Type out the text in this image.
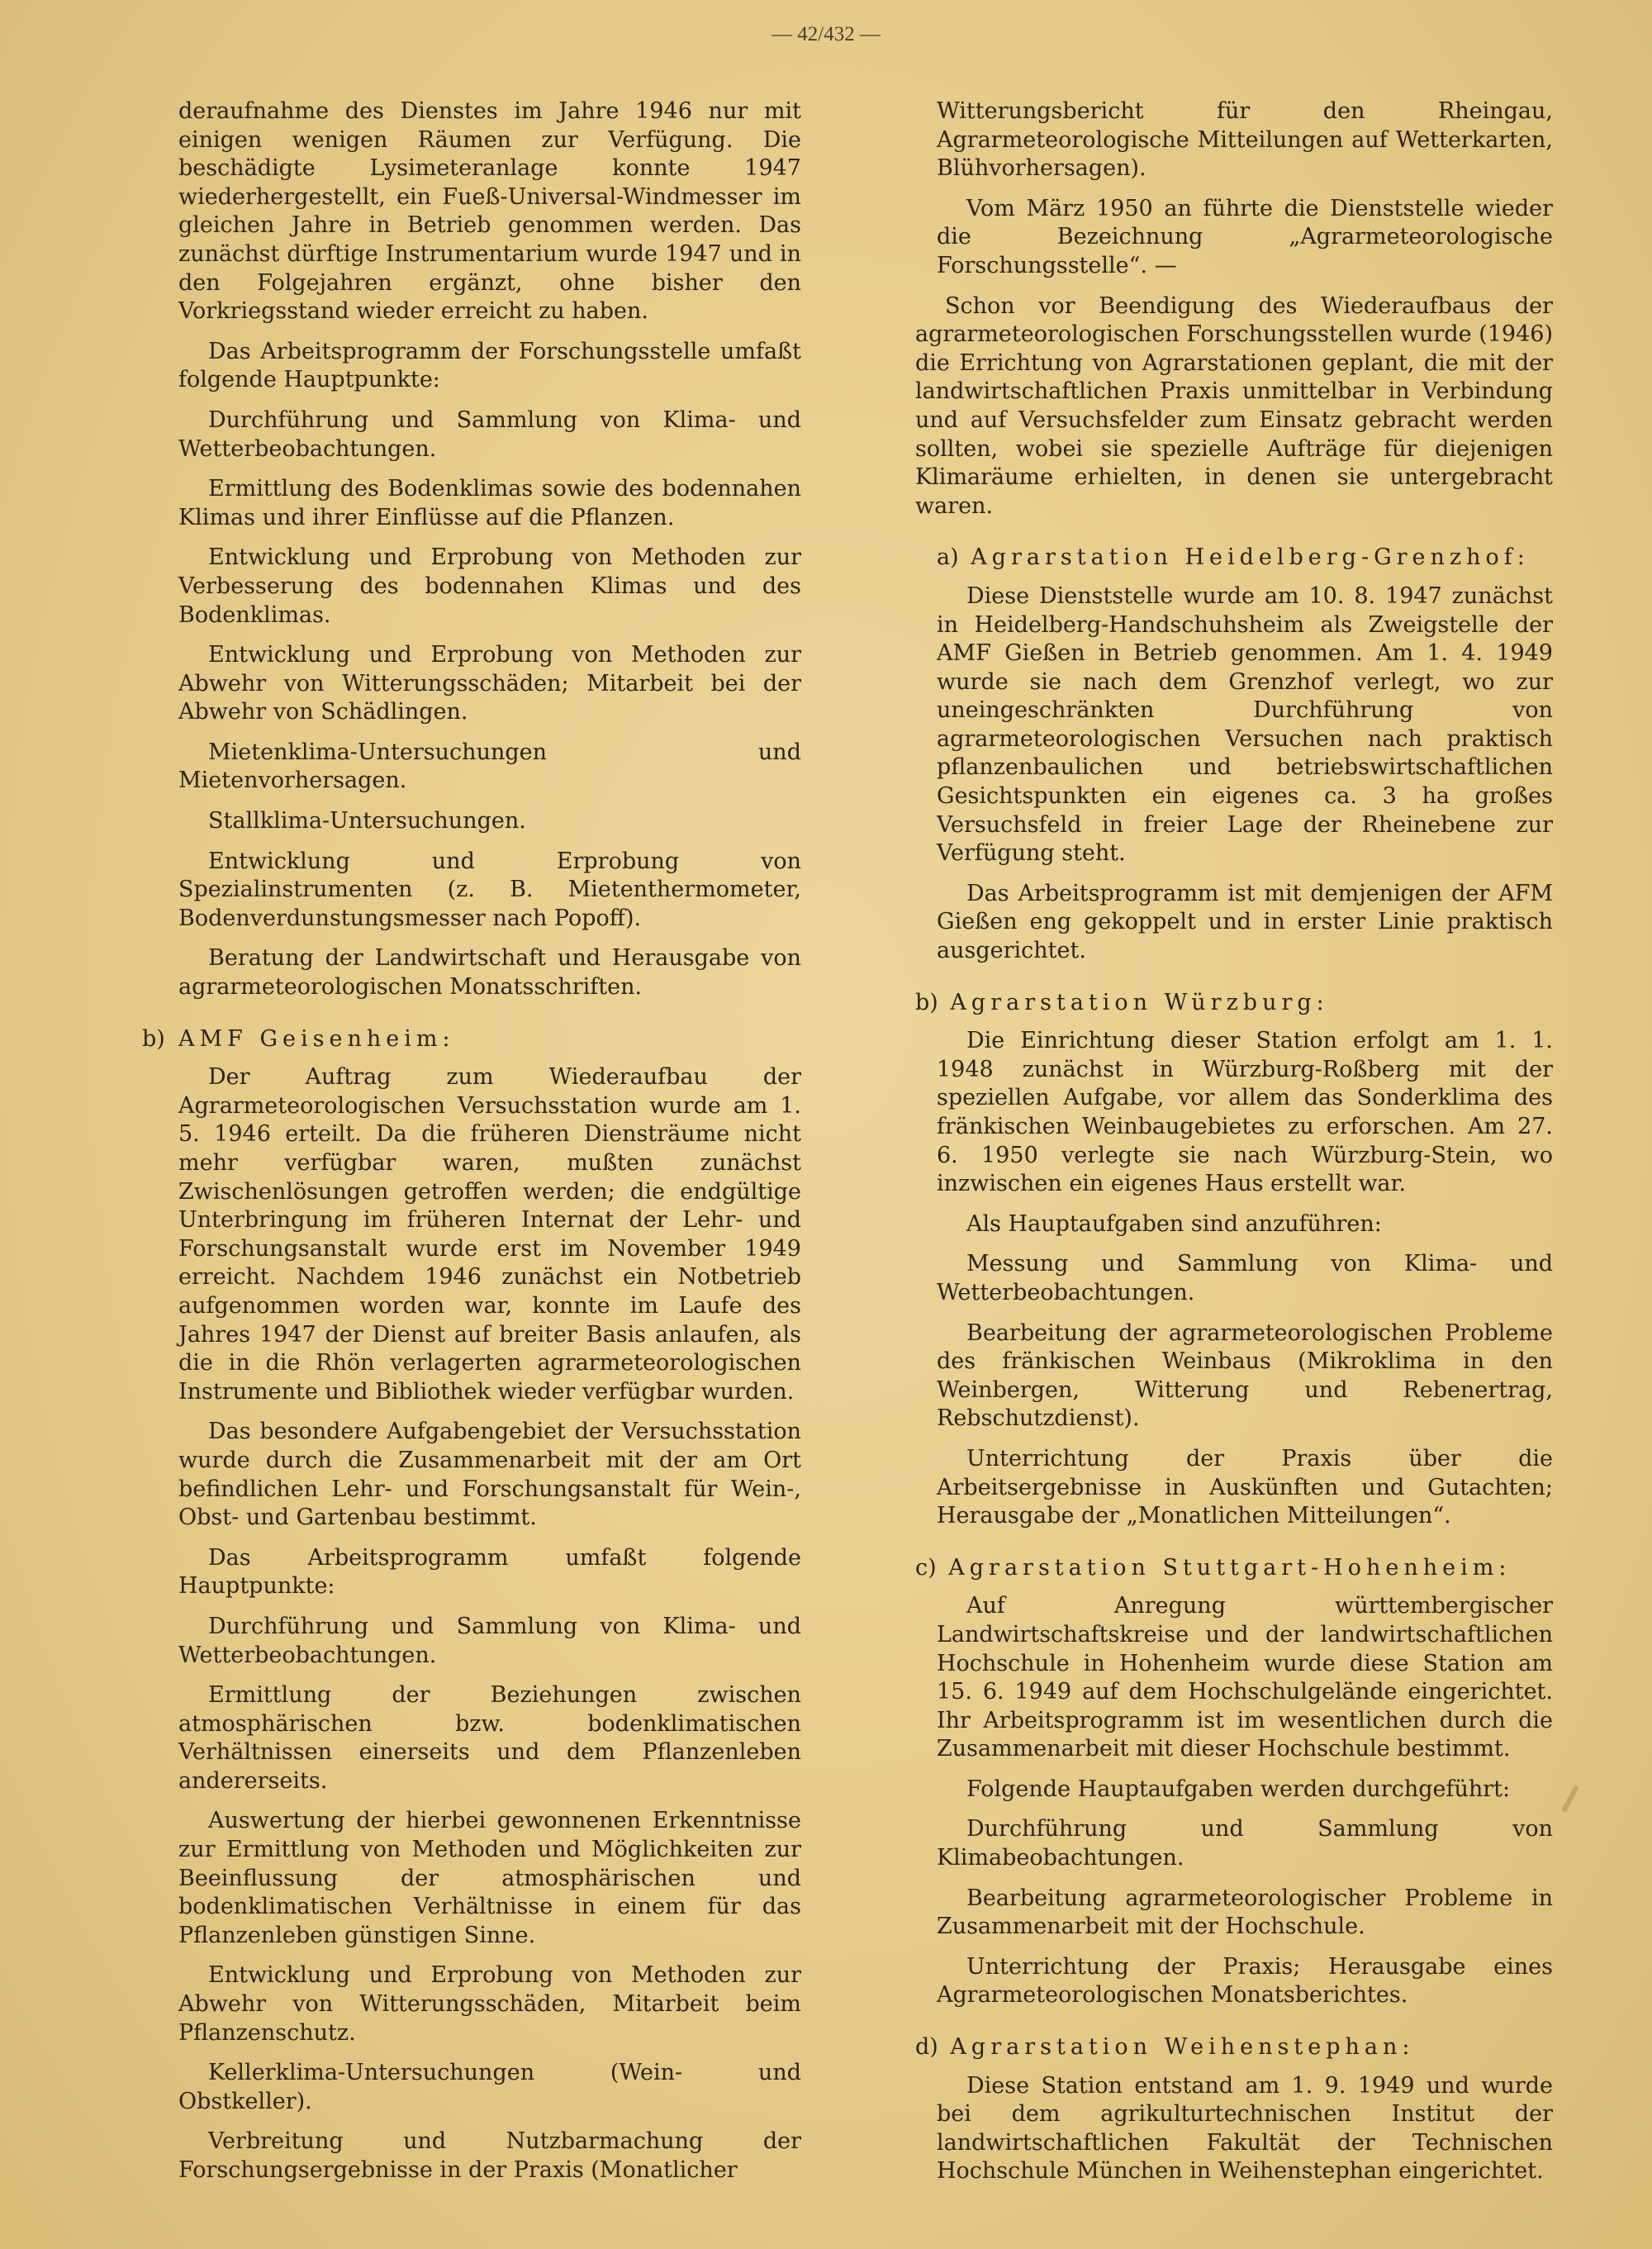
— 42/432 —

deraufnahme des Dienstes im Jahre 1946 nur mit einigen wenigen Räumen zur Verfügung. Die beschädigte Lysimeteranlage konnte 1947 wiederhergestellt, ein Fueß-Universal-Windmesser im gleichen Jahre in Betrieb genommen werden. Das zunächst dürftige Instrumentarium wurde 1947 und in den Folgejahren ergänzt, ohne bisher den Vorkriegsstand wieder erreicht zu haben.

Das Arbeitsprogramm der Forschungsstelle umfaßt folgende Hauptpunkte:

Durchführung und Sammlung von Klima- und Wetterbeobachtungen.

Ermittlung des Bodenklimas sowie des bodennahen Klimas und ihrer Einflüsse auf die Pflanzen.

Entwicklung und Erprobung von Methoden zur Verbesserung des bodennahen Klimas und des Bodenklimas.

Entwicklung und Erprobung von Methoden zur Abwehr von Witterungsschäden; Mitarbeit bei der Abwehr von Schädlingen.

Mietenklima-Untersuchungen und Mietenvorhersagen.

Stallklima-Untersuchungen.

Entwicklung und Erprobung von Spezialinstrumenten (z. B. Mietenthermometer, Bodenverdunstungsmesser nach Popoff).

Beratung der Landwirtschaft und Herausgabe von agrarmeteorologischen Monatsschriften.

b) AMF Geisenheim:

Der Auftrag zum Wiederaufbau der Agrarmeteorologischen Versuchsstation wurde am 1. 5. 1946 erteilt. Da die früheren Diensträume nicht mehr verfügbar waren, mußten zunächst Zwischenlösungen getroffen werden; die endgültige Unterbringung im früheren Internat der Lehr- und Forschungsanstalt wurde erst im November 1949 erreicht. Nachdem 1946 zunächst ein Notbetrieb aufgenommen worden war, konnte im Laufe des Jahres 1947 der Dienst auf breiter Basis anlaufen, als die in die Rhön verlagerten agrarmeteorologischen Instrumente und Bibliothek wieder verfügbar wurden.

Das besondere Aufgabengebiet der Versuchsstation wurde durch die Zusammenarbeit mit der am Ort befindlichen Lehr- und Forschungsanstalt für Wein-, Obst- und Gartenbau bestimmt.

Das Arbeitsprogramm umfaßt folgende Hauptpunkte:

Durchführung und Sammlung von Klima- und Wetterbeobachtungen.

Ermittlung der Beziehungen zwischen atmosphärischen bzw. bodenklimatischen Verhältnissen einerseits und dem Pflanzenleben andererseits.

Auswertung der hierbei gewonnenen Erkenntnisse zur Ermittlung von Methoden und Möglichkeiten zur Beeinflussung der atmosphärischen und bodenklimatischen Verhältnisse in einem für das Pflanzenleben günstigen Sinne.

Entwicklung und Erprobung von Methoden zur Abwehr von Witterungsschäden, Mitarbeit beim Pflanzenschutz.

Kellerklima-Untersuchungen (Wein- und Obstkeller).

Verbreitung und Nutzbarmachung der Forschungsergebnisse in der Praxis (Monatlicher

Witterungsbericht für den Rheingau, Agrarmeteorologische Mitteilungen auf Wetterkarten, Blühvorhersagen).

Vom März 1950 an führte die Dienststelle wieder die Bezeichnung „Agrarmeteorologische Forschungsstelle“. —

Schon vor Beendigung des Wiederaufbaus der agrarmeteorologischen Forschungsstellen wurde (1946) die Errichtung von Agrarstationen geplant, die mit der landwirtschaftlichen Praxis unmittelbar in Verbindung und auf Versuchsfelder zum Einsatz gebracht werden sollten, wobei sie spezielle Aufträge für diejenigen Klimaräume erhielten, in denen sie untergebracht waren.

a) Agrarstation Heidelberg-Grenzhof:

Diese Dienststelle wurde am 10. 8. 1947 zunächst in Heidelberg-Handschuhsheim als Zweigstelle der AMF Gießen in Betrieb genommen. Am 1. 4. 1949 wurde sie nach dem Grenzhof verlegt, wo zur uneingeschränkten Durchführung von agrarmeteorologischen Versuchen nach praktisch pflanzenbaulichen und betriebswirtschaftlichen Gesichtspunkten ein eigenes ca. 3 ha großes Versuchsfeld in freier Lage der Rheinebene zur Verfügung steht.

Das Arbeitsprogramm ist mit demjenigen der AFM Gießen eng gekoppelt und in erster Linie praktisch ausgerichtet.

b) Agrarstation Würzburg:

Die Einrichtung dieser Station erfolgt am 1. 1. 1948 zunächst in Würzburg-Roßberg mit der speziellen Aufgabe, vor allem das Sonderklima des fränkischen Weinbaugebietes zu erforschen. Am 27. 6. 1950 verlegte sie nach Würzburg-Stein, wo inzwischen ein eigenes Haus erstellt war.

Als Hauptaufgaben sind anzuführen:

Messung und Sammlung von Klima- und Wetterbeobachtungen.

Bearbeitung der agrarmeteorologischen Probleme des fränkischen Weinbaus (Mikroklima in den Weinbergen, Witterung und Rebenertrag, Rebschutzdienst).

Unterrichtung der Praxis über die Arbeitsergebnisse in Auskünften und Gutachten; Herausgabe der „Monatlichen Mitteilungen“.

c) Agrarstation Stuttgart-Hohenheim:

Auf Anregung württembergischer Landwirtschaftskreise und der landwirtschaftlichen Hochschule in Hohenheim wurde diese Station am 15. 6. 1949 auf dem Hochschulgelände eingerichtet. Ihr Arbeitsprogramm ist im wesentlichen durch die Zusammenarbeit mit dieser Hochschule bestimmt.

Folgende Hauptaufgaben werden durchgeführt:

Durchführung und Sammlung von Klimabeobachtungen.

Bearbeitung agrarmeteorologischer Probleme in Zusammenarbeit mit der Hochschule.

Unterrichtung der Praxis; Herausgabe eines Agrarmeteorologischen Monatsberichtes.

d) Agrarstation Weihenstephan:

Diese Station entstand am 1. 9. 1949 und wurde bei dem agrikulturtechnischen Institut der landwirtschaftlichen Fakultät der Technischen Hochschule München in Weihenstephan eingerichtet.
